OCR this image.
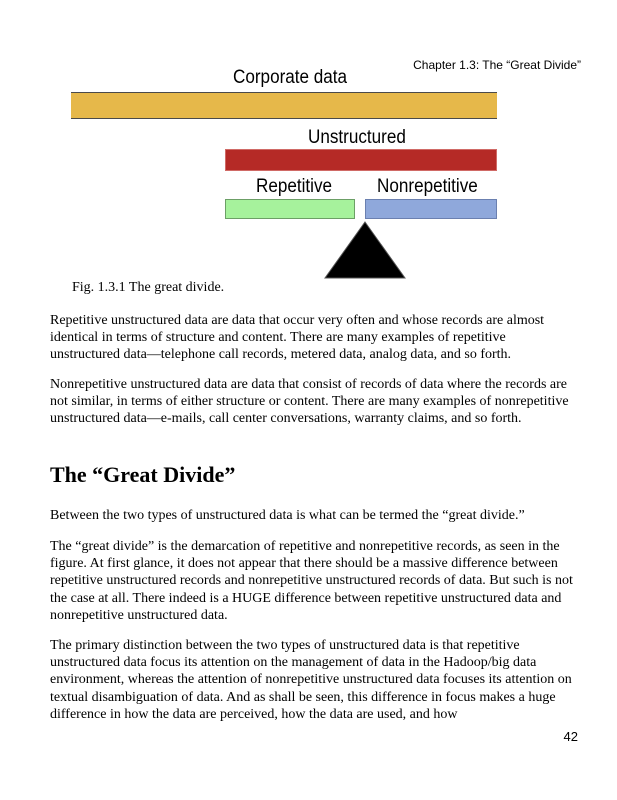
Chapter 1.3: The “Great Divide”
Corporate data
Unstructured
Repetitive Nonrepetitive
Fig. 1.3.1 The great divide.

Repetitive unstructured data are data that occur very often and whose records are almost identical in terms of structure and content. There are many examples of repetitive unstructured data—telephone call records, metered data, analog data, and so forth.

Nonrepetitive unstructured data are data that consist of records of data where the records are not similar, in terms of either structure or content. There are many examples of nonrepetitive unstructured data—e-mails, call center conversations, warranty claims, and so forth.

The “Great Divide”

Between the two types of unstructured data is what can be termed the “great divide.”

The “great divide” is the demarcation of repetitive and nonrepetitive records, as seen in the figure. At first glance, it does not appear that there should be a massive difference between repetitive unstructured records and nonrepetitive unstructured records of data. But such is not the case at all. There indeed is a HUGE difference between repetitive unstructured data and nonrepetitive unstructured data.

The primary distinction between the two types of unstructured data is that repetitive unstructured data focus its attention on the management of data in the Hadoop/big data environment, whereas the attention of nonrepetitive unstructured data focuses its attention on textual disambiguation of data. And as shall be seen, this difference in focus makes a huge difference in how the data are perceived, how the data are used, and how

42
